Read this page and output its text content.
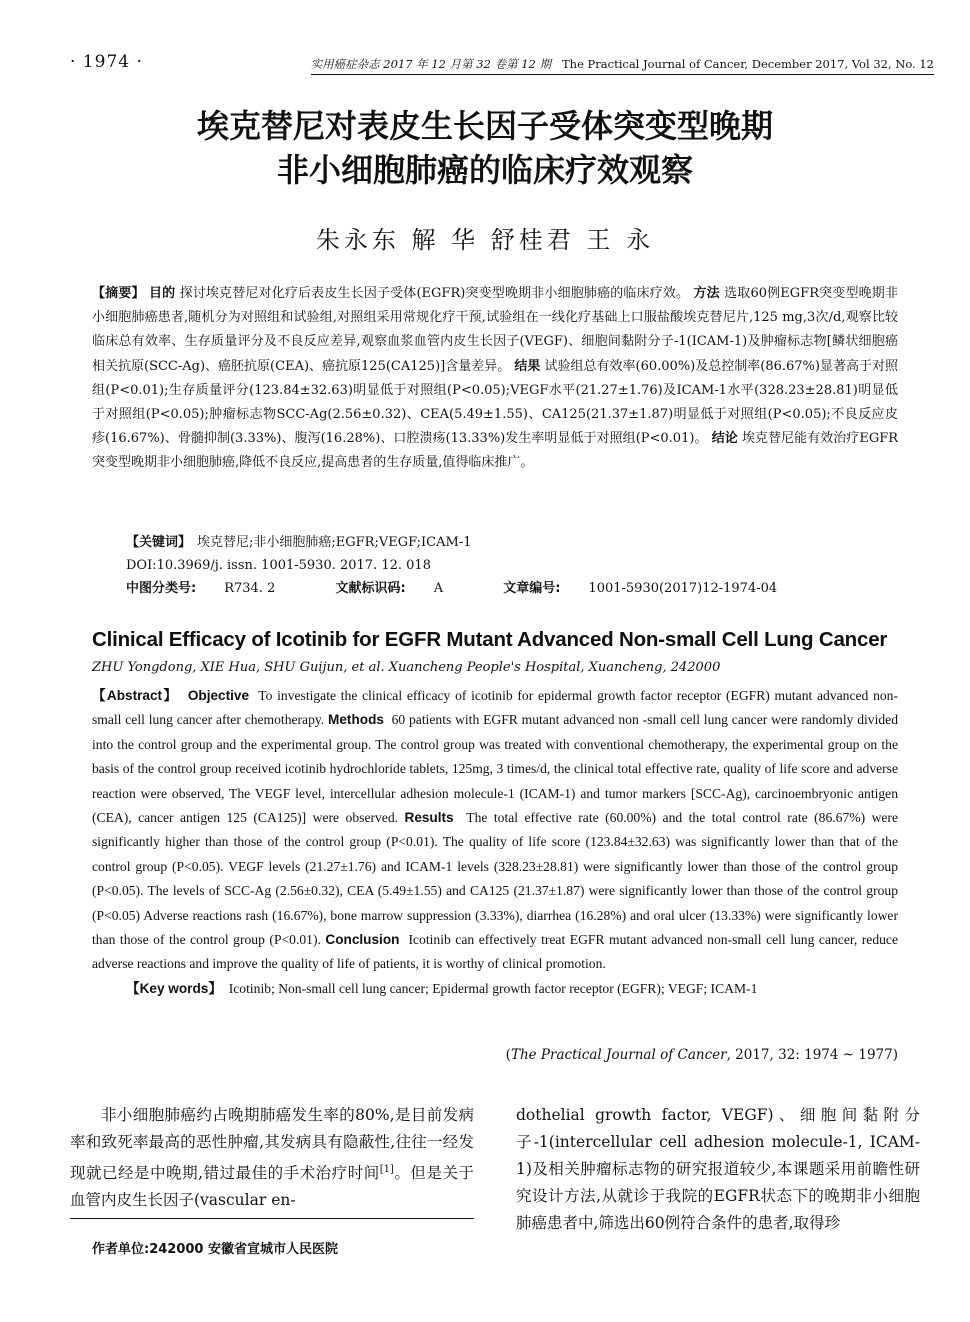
· 1974 ·	实用癌症杂志 2017 年 12 月第 32 卷第 12 期 The Practical Journal of Cancer, December 2017, Vol 32, No. 12
埃克替尼对表皮生长因子受体突变型晚期
非小细胞肺癌的临床疗效观察
朱永东 解 华 舒桂君 王 永

【摘要】 目的 探讨埃克替尼对化疗后表皮生长因子受体(EGFR)突变型晚期非小细胞肺癌的临床疗效。 方法 选取60例EGFR突变型晚期非小细胞肺癌患者,随机分为对照组和试验组,对照组采用常规化疗干预,试验组在一线化疗基础上口服盐酸埃克替尼片,125 mg,3次/d,观察比较临床总有效率、生存质量评分及不良反应差异,观察血浆血管内皮生长因子(VEGF)、细胞间黏附分子-1(ICAM-1)及肿瘤标志物[鳞状细胞癌相关抗原(SCC-Ag)、癌胚抗原(CEA)、癌抗原125(CA125)]含量差异。 结果 试验组总有效率(60.00%)及总控制率(86.67%)显著高于对照组(P<0.01);生存质量评分(123.84±32.63)明显低于对照组(P<0.05);VEGF水平(21.27±1.76)及ICAM-1水平(328.23±28.81)明显低于对照组(P<0.05);肿瘤标志物SCC-Ag(2.56±0.32)、CEA(5.49±1.55)、CA125(21.37±1.87)明显低于对照组(P<0.05);不良反应皮疹(16.67%)、骨髓抑制(3.33%)、腹泻(16.28%)、口腔溃疡(13.33%)发生率明显低于对照组(P<0.01)。 结论 埃克替尼能有效治疗EGFR突变型晚期非小细胞肺癌,降低不良反应,提高患者的生存质量,值得临床推广。

【关键词】 埃克替尼;非小细胞肺癌;EGFR;VEGF;ICAM-1
DOI:10.3969/j. issn. 1001-5930. 2017. 12. 018
中图分类号: R734. 2	文献标识码: A	文章编号: 1001-5930(2017)12-1974-04
Clinical Efficacy of Icotinib for EGFR Mutant Advanced Non-small Cell Lung Cancer
ZHU Yongdong, XIE Hua, SHU Guijun, et al. Xuancheng People's Hospital, Xuancheng, 242000

【Abstract】 Objective To investigate the clinical efficacy of icotinib for epidermal growth factor receptor (EGFR) mutant advanced non-small cell lung cancer after chemotherapy. Methods 60 patients with EGFR mutant advanced non -small cell lung cancer were randomly divided into the control group and the experimental group. The control group was treated with conventional chemotherapy, the experimental group on the basis of the control group received icotinib hydrochloride tablets, 125mg, 3 times/d, the clinical total effective rate, quality of life score and adverse reaction were observed, The VEGF level, intercellular adhesion molecule-1 (ICAM-1) and tumor markers [SCC-Ag), carcinoembryonic antigen (CEA), cancer antigen 125 (CA125)] were observed. Results The total effective rate (60.00%) and the total control rate (86.67%) were significantly higher than those of the control group (P<0.01). The quality of life score (123.84±32.63) was significantly lower than that of the control group (P<0.05). VEGF levels (21.27±1.76) and ICAM-1 levels (328.23±28.81) were significantly lower than those of the control group (P<0.05). The levels of SCC-Ag (2.56±0.32), CEA (5.49±1.55) and CA125 (21.37±1.87) were significantly lower than those of the control group (P<0.05) Adverse reactions rash (16.67%), bone marrow suppression (3.33%), diarrhea (16.28%) and oral ulcer (13.33%) were significantly lower than those of the control group (P<0.01). Conclusion Icotinib can effectively treat EGFR mutant advanced non-small cell lung cancer, reduce adverse reactions and improve the quality of life of patients, it is worthy of clinical promotion.

【Key words】 Icotinib; Non-small cell lung cancer; Epidermal growth factor receptor (EGFR); VEGF; ICAM-1

(The Practical Journal of Cancer, 2017, 32: 1974 ~ 1977)

非小细胞肺癌约占晚期肺癌发生率的80%,是目前发病率和致死率最高的恶性肿瘤,其发病具有隐蔽性,往往一经发现就已经是中晚期,错过最佳的手术治疗时间[1]。但是关于血管内皮生长因子(vascular en-

dothelial growth factor, VEGF)、细胞间黏附分子-1(intercellular cell adhesion molecule-1, ICAM-1)及相关肿瘤标志物的研究报道较少,本课题采用前瞻性研究设计方法,从就诊于我院的EGFR状态下的晚期非小细胞肺癌患者中,筛选出60例符合条件的患者,取得珍

作者单位:242000 安徽省宣城市人民医院
